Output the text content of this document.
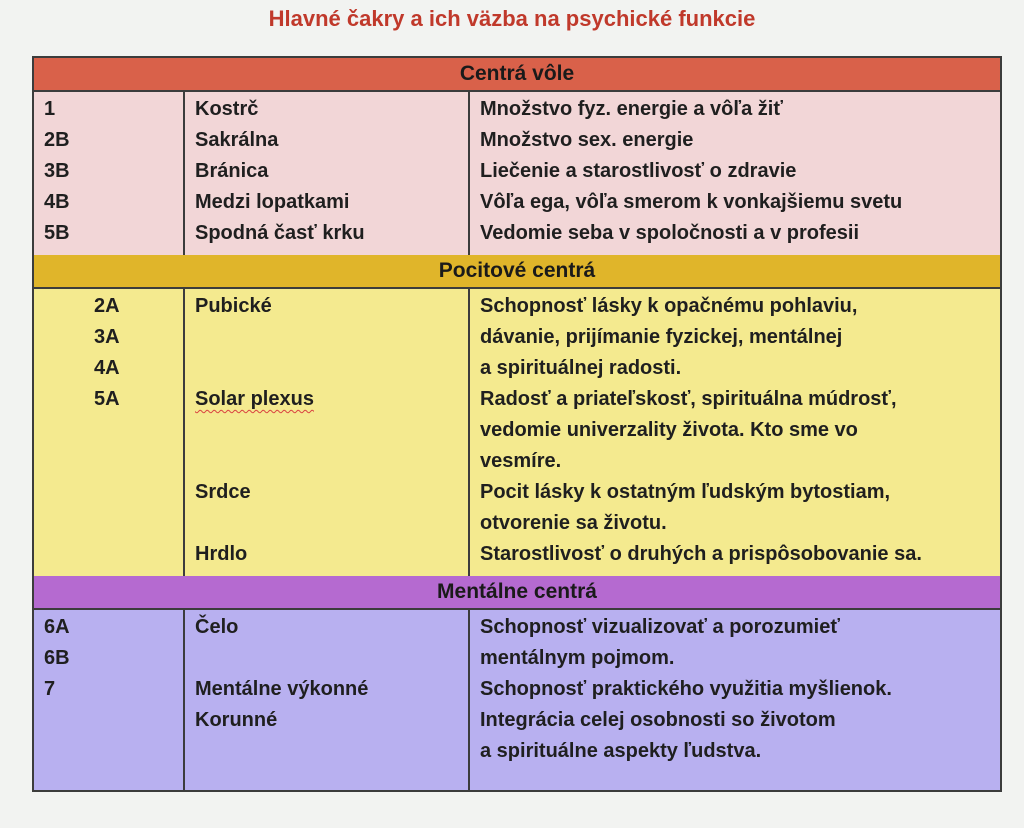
Hlavné čakry a ich väzba na psychické funkcie
Centrá vôle
1
2B
3B
4B
5B
Kostrč
Sakrálna
Bránica
Medzi lopatkami
Spodná časť krku
Množstvo fyz. energie a vôľa žiť
Množstvo sex. energie
Liečenie a starostlivosť o zdravie
Vôľa ega, vôľa smerom k vonkajšiemu svetu
Vedomie seba v spoločnosti a v profesii
Pocitové centrá
2A
3A
4A
5A
Pubické
Solar plexus
Srdce
Hrdlo
Schopnosť lásky k opačnému pohlaviu,
dávanie, prijímanie fyzickej, mentálnej
a spirituálnej radosti.
Radosť a priateľskosť, spirituálna múdrosť,
vedomie univerzality života. Kto sme vo
vesmíre.
Pocit lásky k ostatným ľudským bytostiam,
otvorenie sa životu.
Starostlivosť o druhých a prispôsobovanie sa.
Mentálne centrá
6A
6B
7
Čelo
Mentálne výkonné
Korunné
Schopnosť vizualizovať a porozumieť
mentálnym pojmom.
Schopnosť praktického využitia myšlienok.
Integrácia celej osobnosti so životom
a spirituálne aspekty ľudstva.
